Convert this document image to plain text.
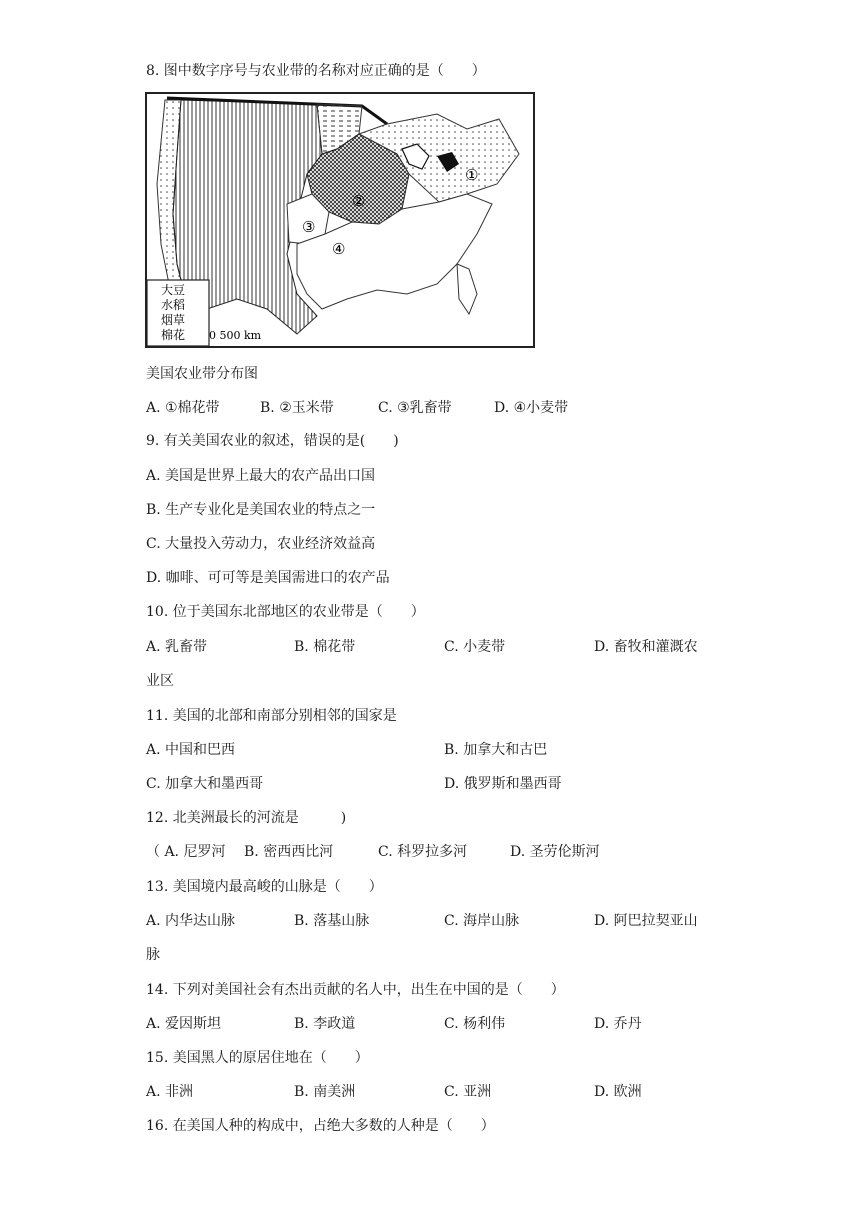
8. 图中数字序号与农业带的名称对应正确的是（　　）
①
②
③
④
大豆
水稻
烟草
棉花 0 500 km
美国农业带分布图
A. ①棉花带	B. ②玉米带	C. ③乳畜带	D. ④小麦带
9. 有关美国农业的叙述，错误的是(　　)
A. 美国是世界上最大的农产品出口国
B. 生产专业化是美国农业的特点之一
C. 大量投入劳动力，农业经济效益高
D. 咖啡、可可等是美国需进口的农产品
10. 位于美国东北部地区的农业带是（　　）
A. 乳畜带	B. 棉花带	C. 小麦带	D. 畜牧和灌溉农
业区
11. 美国的北部和南部分别相邻的国家是
A. 中国和巴西	B. 加拿大和古巴
C. 加拿大和墨西哥	D. 俄罗斯和墨西哥
12. 北美洲最长的河流是　　　)
（ A. 尼罗河 B. 密西西比河	C. 科罗拉多河	D. 圣劳伦斯河
13. 美国境内最高峻的山脉是（　　）
A. 内华达山脉	B. 落基山脉	C. 海岸山脉	D. 阿巴拉契亚山
脉
14. 下列对美国社会有杰出贡献的名人中，出生在中国的是（　　）
A. 爱因斯坦	B. 李政道	C. 杨利伟	D. 乔丹
15. 美国黑人的原居住地在（　　）
A. 非洲	B. 南美洲	C. 亚洲	D. 欧洲
16. 在美国人种的构成中，占绝大多数的人种是（　　）
